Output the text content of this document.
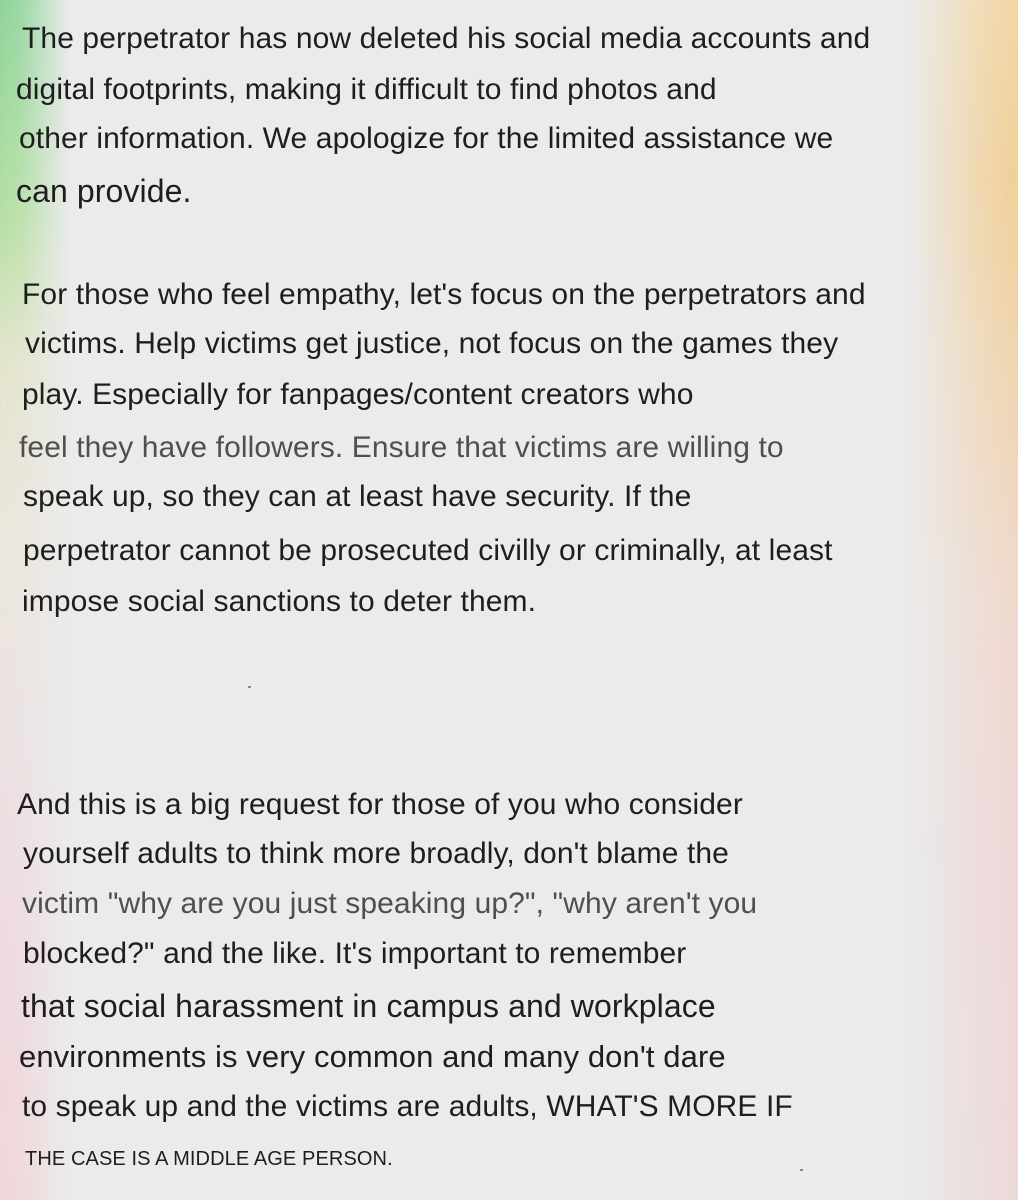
The perpetrator has now deleted his social media accounts and
digital footprints, making it difficult to find photos and
other information. We apologize for the limited assistance we
can provide.
For those who feel empathy, let's focus on the perpetrators and
victims. Help victims get justice, not focus on the games they
play. Especially for fanpages/content creators who
feel they have followers. Ensure that victims are willing to
speak up, so they can at least have security. If the
perpetrator cannot be prosecuted civilly or criminally, at least
impose social sanctions to deter them.
And this is a big request for those of you who consider
yourself adults to think more broadly, don't blame the
victim "why are you just speaking up?", "why aren't you
blocked?" and the like. It's important to remember
that social harassment in campus and workplace
environments is very common and many don't dare
to speak up and the victims are adults, WHAT'S MORE IF
THE CASE IS A MIDDLE AGE PERSON.
